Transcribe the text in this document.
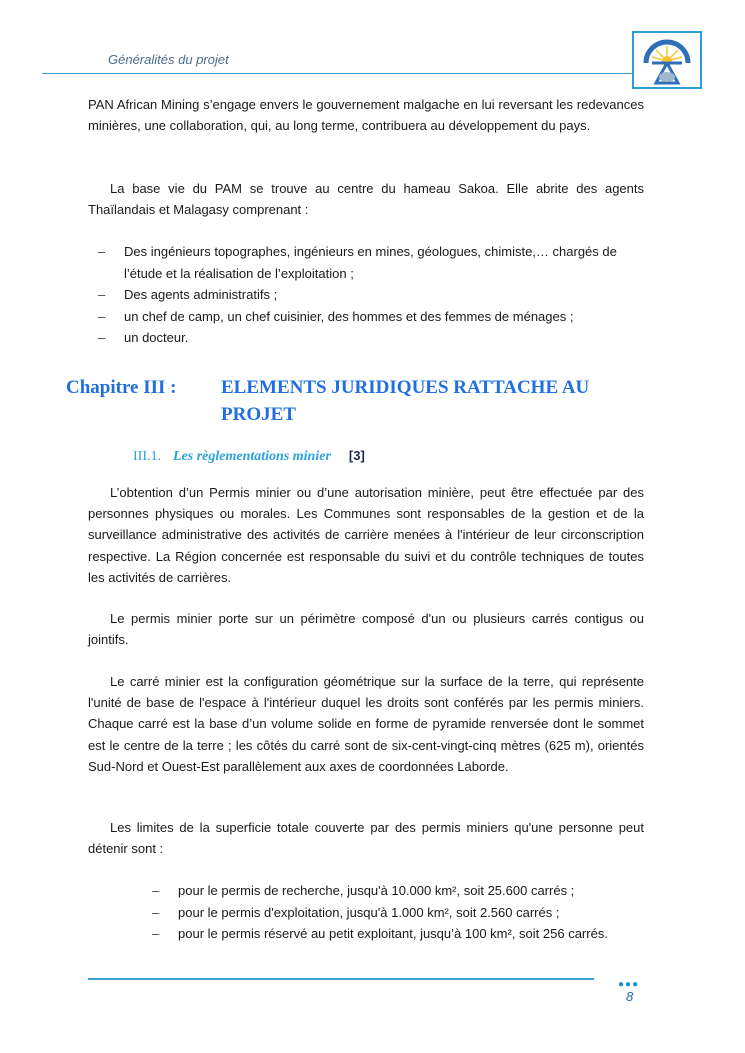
Généralités du projet
PAN African Mining s’engage envers le gouvernement malgache en lui reversant les redevances minières, une collaboration, qui, au long terme, contribuera au développement du pays.
La base vie du PAM se trouve au centre du hameau Sakoa. Elle abrite des agents Thaïlandais et Malagasy comprenant :
– Des ingénieurs topographes, ingénieurs en mines, géologues, chimiste,… chargés de l’étude et la réalisation de l’exploitation ;
– Des agents administratifs ;
– un chef de camp, un chef cuisinier, des hommes et des femmes de ménages ;
– un docteur.
Chapitre III : ELEMENTS JURIDIQUES RATTACHE AU PROJET
III.1. Les règlementations minier [3]
L’obtention d’un Permis minier ou d’une autorisation minière, peut être effectuée par des personnes physiques ou morales. Les Communes sont responsables de la gestion et de la surveillance administrative des activités de carrière menées à l'intérieur de leur circonscription respective. La Région concernée est responsable du suivi et du contrôle techniques de toutes les activités de carrières.
Le permis minier porte sur un périmètre composé d'un ou plusieurs carrés contigus ou jointifs.
Le carré minier est la configuration géométrique sur la surface de la terre, qui représente l'unité de base de l'espace à l'intérieur duquel les droits sont conférés par les permis miniers. Chaque carré est la base d’un volume solide en forme de pyramide renversée dont le sommet est le centre de la terre ; les côtés du carré sont de six-cent-vingt-cinq mètres (625 m), orientés Sud-Nord et Ouest-Est parallèlement aux axes de coordonnées Laborde.
Les limites de la superficie totale couverte par des permis miniers qu'une personne peut détenir sont :
– pour le permis de recherche, jusqu'à 10.000 km², soit 25.600 carrés ;
– pour le permis d'exploitation, jusqu'à 1.000 km², soit 2.560 carrés ;
– pour le permis réservé au petit exploitant, jusqu’à 100 km², soit 256 carrés.
●●●
8
